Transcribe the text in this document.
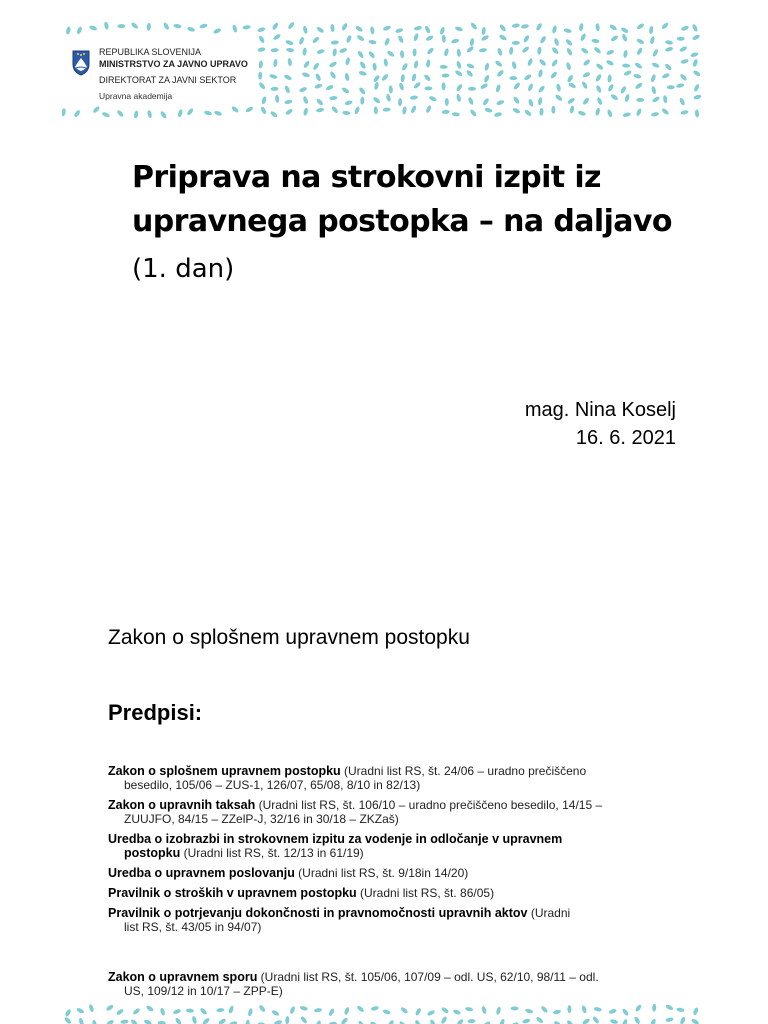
REPUBLIKA SLOVENIJA
MINISTRSTVO ZA JAVNO UPRAVO
DIREKTORAT ZA JAVNI SEKTOR
Upravna akademija
Priprava na strokovni izpit iz
upravnega postopka – na daljavo
(1. dan)
mag. Nina Koselj
16. 6. 2021
Zakon o splošnem upravnem postopku
Predpisi:
Zakon o splošnem upravnem postopku (Uradni list RS, št. 24/06 – uradno prečiščeno
besedilo, 105/06 – ZUS-1, 126/07, 65/08, 8/10 in 82/13)
Zakon o upravnih taksah (Uradni list RS, št. 106/10 – uradno prečiščeno besedilo, 14/15 –
ZUUJFO, 84/15 – ZZelP-J, 32/16 in 30/18 – ZKZaš)
Uredba o izobrazbi in strokovnem izpitu za vodenje in odločanje v upravnem
postopku (Uradni list RS, št. 12/13 in 61/19)
Uredba o upravnem poslovanju (Uradni list RS, št. 9/18in 14/20)
Pravilnik o stroških v upravnem postopku (Uradni list RS, št. 86/05)
Pravilnik o potrjevanju dokončnosti in pravnomočnosti upravnih aktov (Uradni
list RS, št. 43/05 in 94/07)
Zakon o upravnem sporu (Uradni list RS, št. 105/06, 107/09 – odl. US, 62/10, 98/11 – odl.
US, 109/12 in 10/17 – ZPP-E)
